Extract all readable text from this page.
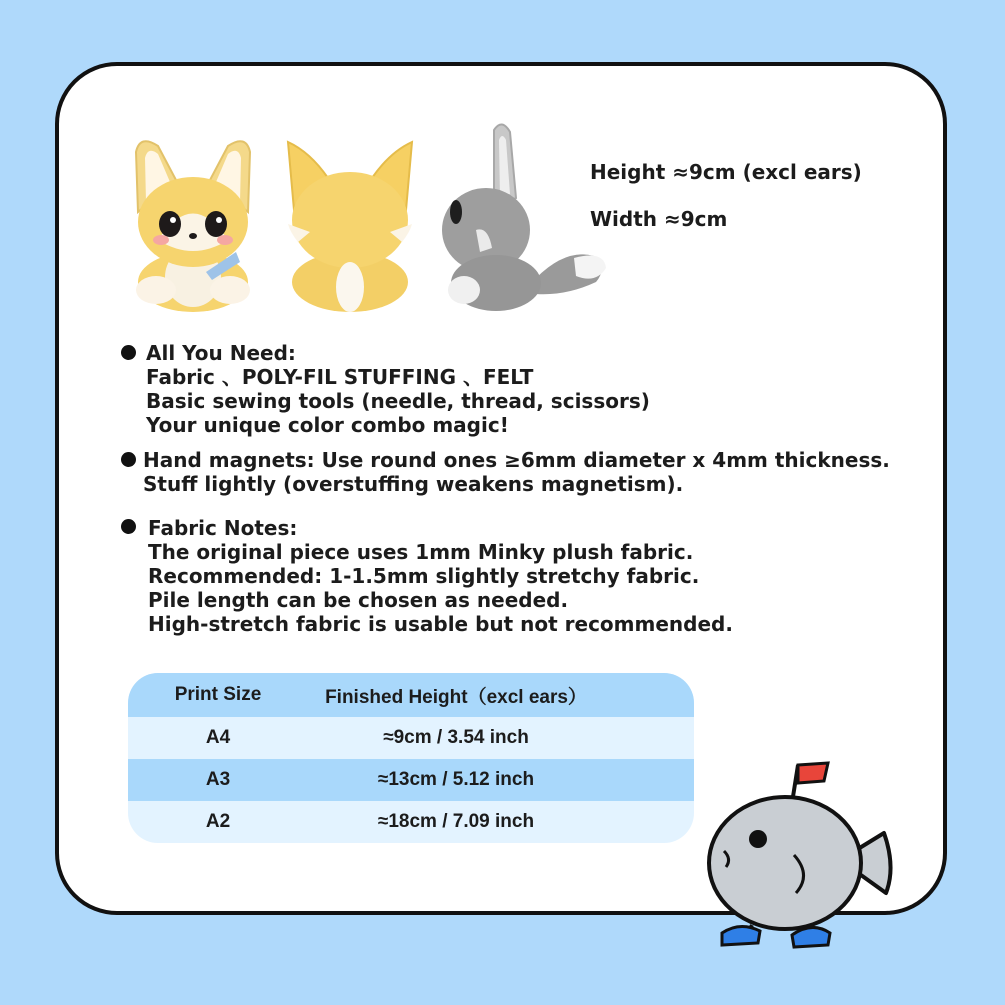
Height ≈9cm (excl ears)
Width ≈9cm
All You Need:
Fabric 、POLY-FIL STUFFING 、FELT
Basic sewing tools (needle, thread, scissors)
Your unique color combo magic!
Hand magnets: Use round ones ≥6mm diameter x 4mm thickness.
Stuff lightly (overstuffing weakens magnetism).
Fabric Notes:
The original piece uses 1mm Minky plush fabric.
Recommended: 1-1.5mm slightly stretchy fabric.
Pile length can be chosen as needed.
High-stretch fabric is usable but not recommended.
Print Size	Finished Height（excl ears）
A4	≈9cm / 3.54 inch
A3	≈13cm / 5.12 inch
A2	≈18cm / 7.09 inch
